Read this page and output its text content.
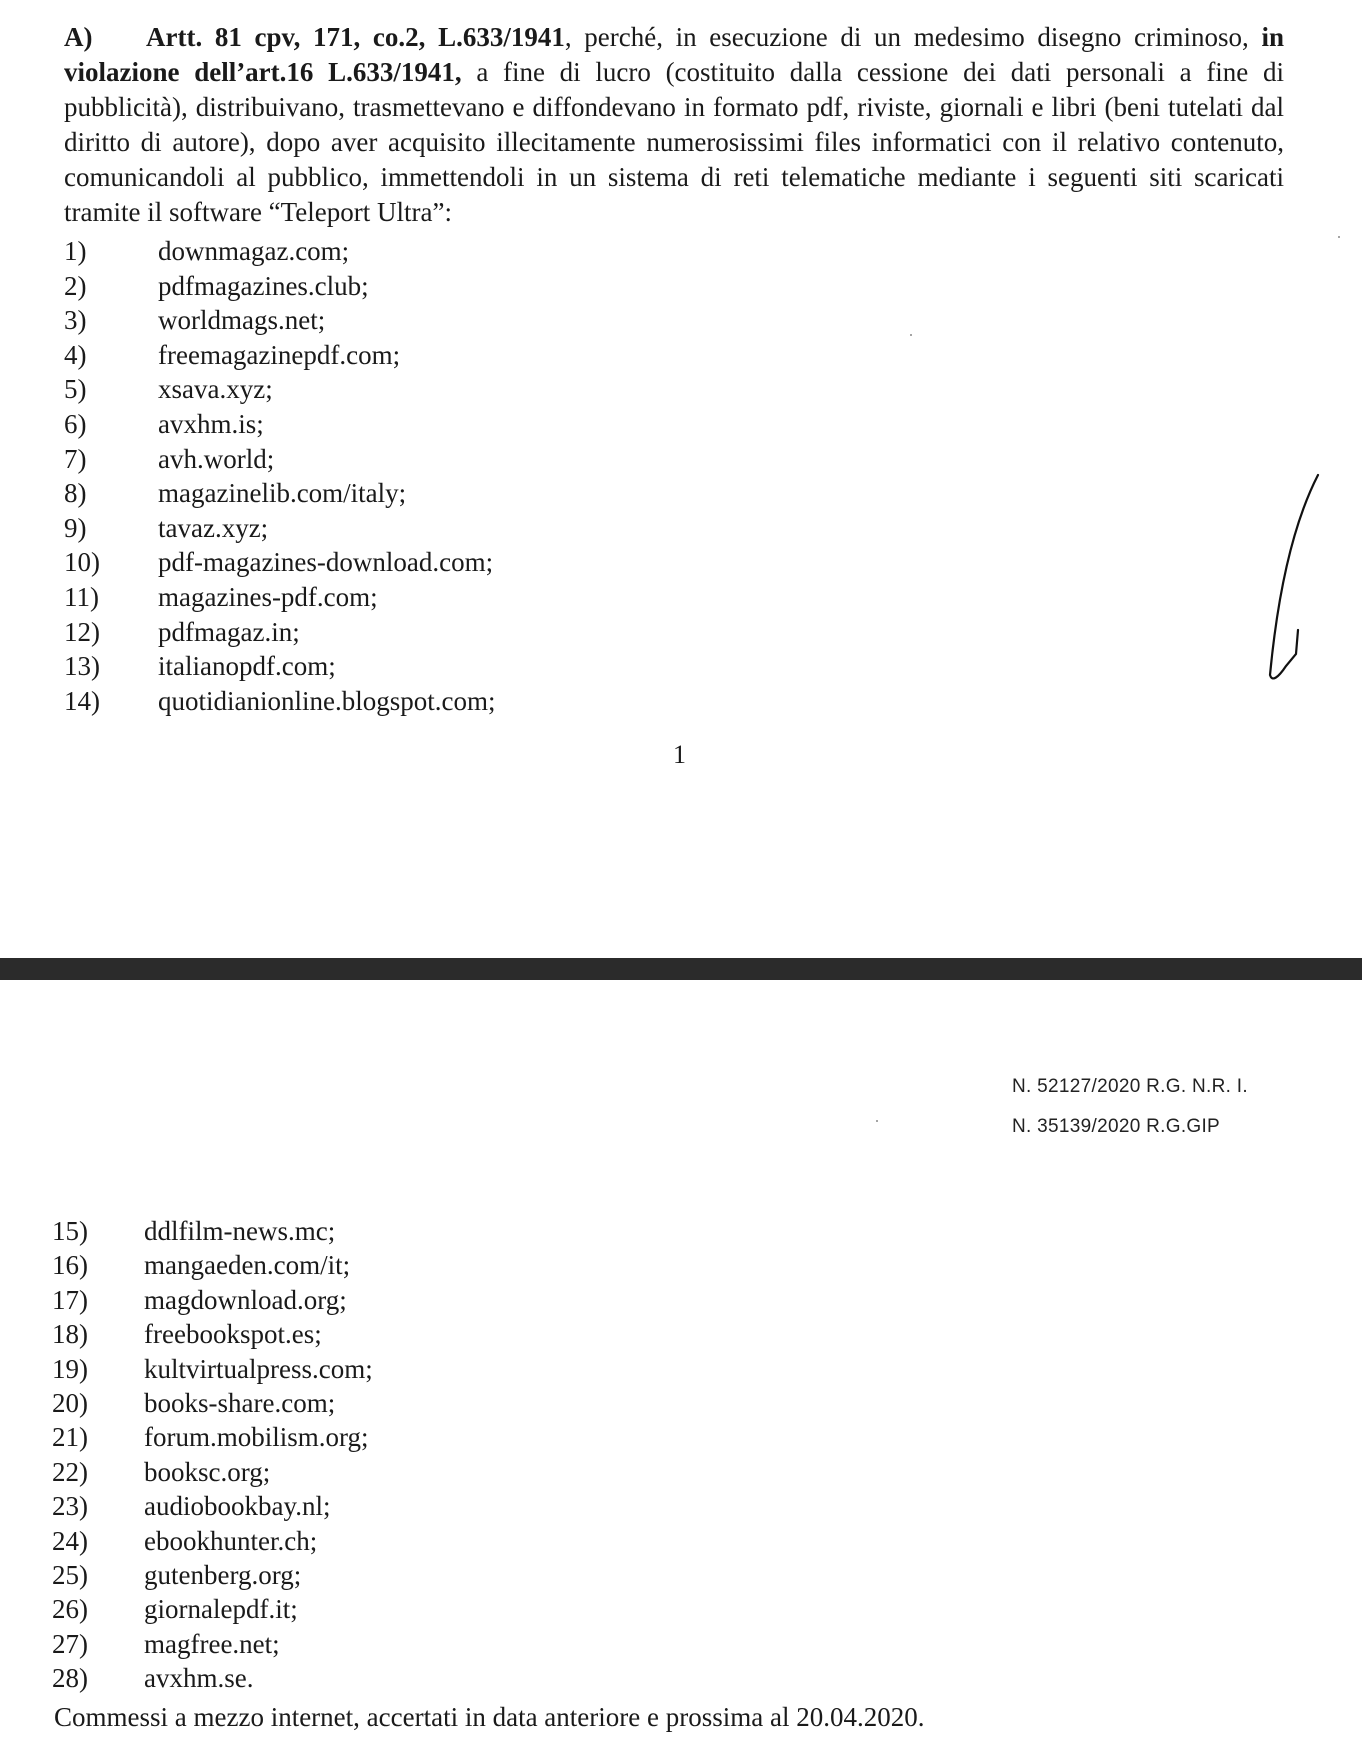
A) Artt. 81 cpv, 171, co.2, L.633/1941, perché, in esecuzione di un medesimo disegno criminoso, in violazione dell’art.16 L.633/1941, a fine di lucro (costituito dalla cessione dei dati personali a fine di pubblicità), distribuivano, trasmettevano e diffondevano in formato pdf, riviste, giornali e libri (beni tutelati dal diritto di autore), dopo aver acquisito illecitamente numerosissimi files informatici con il relativo contenuto, comunicandoli al pubblico, immettendoli in un sistema di reti telematiche mediante i seguenti siti scaricati tramite il software “Teleport Ultra”:
1)	downmagaz.com;
2)	pdfmagazines.club;
3)	worldmags.net;
4)	freemagazinepdf.com;
5)	xsava.xyz;
6)	avxhm.is;
7)	avh.world;
8)	magazinelib.com/italy;
9)	tavaz.xyz;
10) pdf-magazines-download.com;
11) magazines-pdf.com;
12) pdfmagaz.in;
13) italianopdf.com;
14) quotidianionline.blogspot.com;
1
N. 52127/2020 R.G. N.R. I.
N. 35139/2020 R.G.GIP
15) ddlfilm-news.mc;
16) mangaeden.com/it;
17) magdownload.org;
18) freebookspot.es;
19) kultvirtualpress.com;
20) books-share.com;
21) forum.mobilism.org;
22) booksc.org;
23) audiobookbay.nl;
24) ebookhunter.ch;
25) gutenberg.org;
26) giornalepdf.it;
27) magfree.net;
28) avxhm.se.
Commessi a mezzo internet, accertati in data anteriore e prossima al 20.04.2020.
